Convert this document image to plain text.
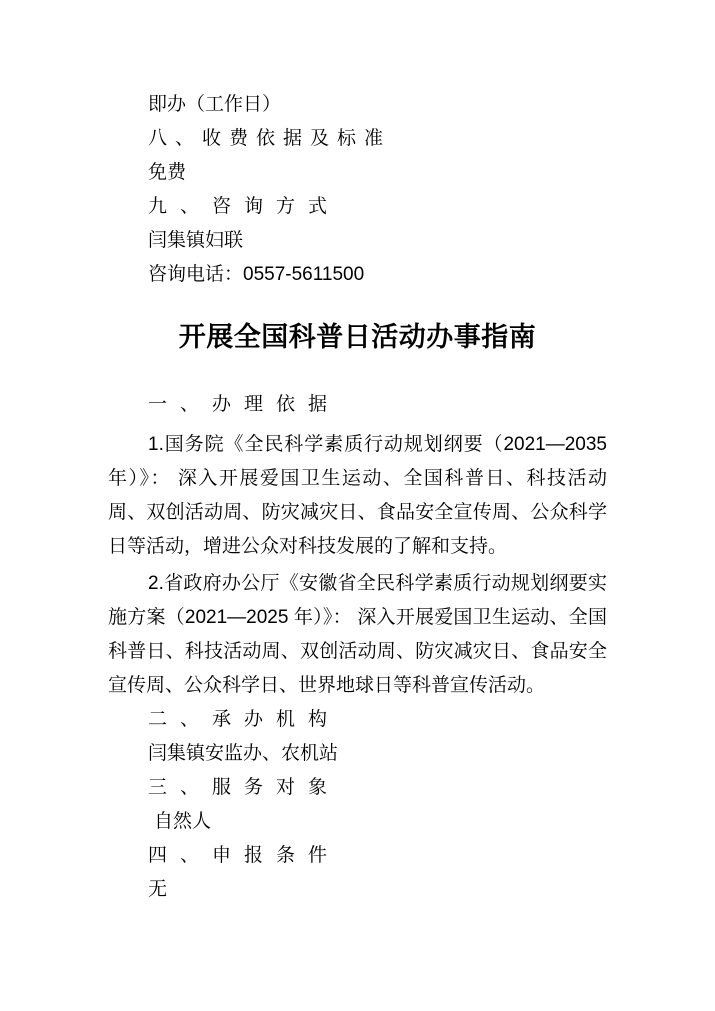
即办（工作日）
八、收费依据及标准
免费
九、咨询方式
闫集镇妇联
咨询电话：0557-5611500
开展全国科普日活动办事指南
一、办理依据

1.国务院《全民科学素质行动规划纲要（2021—2035年）》： 深入开展爱国卫生运动、全国科普日、科技活动周、双创活动周、防灾减灾日、食品安全宣传周、公众科学日等活动，增进公众对科技发展的了解和支持。

2.省政府办公厅《安徽省全民科学素质行动规划纲要实施方案（2021—2025 年）》： 深入开展爱国卫生运动、全国科普日、科技活动周、双创活动周、防灾减灾日、食品安全宣传周、公众科学日、世界地球日等科普宣传活动。

二、承办机构
闫集镇安监办、农机站
三、服务对象
自然人
四、申报条件
无
